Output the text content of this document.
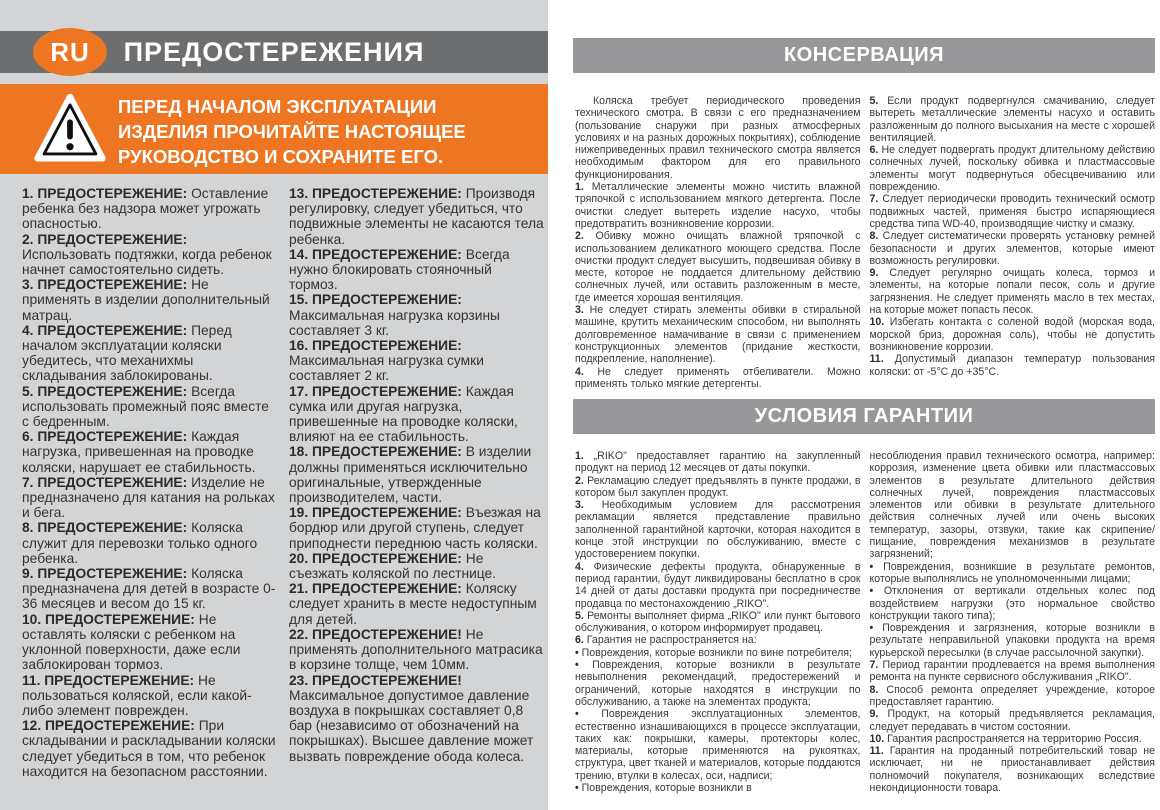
ПРЕДОСТЕРЕЖЕНИЯ
RU
ПЕРЕД НАЧАЛОМ ЭКСПЛУАТАЦИИ ИЗДЕЛИЯ ПРОЧИТАЙТЕ НАСТОЯЩЕЕ РУКОВОДСТВО И СОХРАНИТЕ ЕГО.

1. ПРЕДОСТЕРЕЖЕНИЕ: Оставление ребенка без надзора может угрожать опасностью.

2. ПРЕДОСТЕРЕЖЕНИЕ: Использовать подтяжки, когда ребенок начнет самостоятельно сидеть.

3. ПРЕДОСТЕРЕЖЕНИЕ: Не применять в изделии дополнительный матрац.

4. ПРЕДОСТЕРЕЖЕНИЕ: Перед началом эксплуатации коляски убедитесь, что механихмы складывания заблокированы.

5. ПРЕДОСТЕРЕЖЕНИЕ: Всегда использовать промежный пояс вместе с бедренным.

6. ПРЕДОСТЕРЕЖЕНИЕ: Каждая нагрузка, привешенная на проводке коляски, нарушает ее стабильность.

7. ПРЕДОСТЕРЕЖЕНИЕ: Изделие не предназначено для катания на рольках и бега.

8. ПРЕДОСТЕРЕЖЕНИЕ: Коляска служит для перевозки только одного ребенка.

9. ПРЕДОСТЕРЕЖЕНИЕ: Коляска предназначена для детей в возрасте 0-36 месяцев и весом до 15 кг.

10. ПРЕДОСТЕРЕЖЕНИЕ: Не оставлять коляски с ребенком на уклонной поверхности, даже если заблокирован тормоз.

11. ПРЕДОСТЕРЕЖЕНИЕ: Не пользоваться коляской, если какой-либо элемент поврежден.

12. ПРЕДОСТЕРЕЖЕНИЕ: При складывании и раскладывании коляски следует убедиться в том, что ребенок находится на безопасном расстоянии.

13. ПРЕДОСТЕРЕЖЕНИЕ: Производя регулировку, следует убедиться, что подвижные элементы не касаются тела ребенка.

14. ПРЕДОСТЕРЕЖЕНИЕ: Всегда нужно блокировать стояночный тормоз.

15. ПРЕДОСТЕРЕЖЕНИЕ: Максимальная нагрузка корзины составляет 3 кг.

16. ПРЕДОСТЕРЕЖЕНИЕ: Максимальная нагрузка сумки составляет 2 кг.

17. ПРЕДОСТЕРЕЖЕНИЕ: Каждая сумка или другая нагрузка, привешенные на проводке коляски, влияют на ее стабильность.

18. ПРЕДОСТЕРЕЖЕНИЕ: В изделии должны применяться исключительно оригинальные, утвержденные производителем, части.

19. ПРЕДОСТЕРЕЖЕНИЕ: Въезжая на бордюр или другой ступень, следует приподнести переднюю часть коляски.

20. ПРЕДОСТЕРЕЖЕНИЕ: Не съезжать коляской по лестнице.

21. ПРЕДОСТЕРЕЖЕНИЕ: Коляску следует хранить в месте недоступным для детей.

22. ПРЕДОСТЕРЕЖЕНИЕ! Не применять дополнительного матрасика в корзине толще, чем 10мм.

23. ПРЕДОСТЕРЕЖЕНИЕ! Максимальное допустимое давление воздуха в покрышках составляет 0,8 бар (независимо от обозначений на покрышках). Высшее давление может вызвать повреждение обода колеса.

КОНСЕРВАЦИЯ

Коляска требует периодического проведения технического смотра. В связи с его предназначением (пользование снаружи при разных атмосферных условиях и на разных дорожных покрытиях), соблюдение нижеприведенных правил технического смотра является необходимым фактором для его правильного функционирования.

1. Металлические элементы можно чистить влажной тряпочкой с использованием мягкого детергента. После очистки следует вытереть изделие насухо, чтобы предотвратить возникновение коррозии.

2. Обивку можно очищать влажной тряпочкой с использованием деликатного моющего средства. После очистки продукт следует высушить, подвешивая обивку в месте, которое не поддается длительному действию солнечных лучей, или оставить разложенным в месте, где имеется хорошая вентиляция.

3. Не следует стирать элементы обивки в стиральной машине, крутить механическим способом, ни выполнять долговременное намачивание в связи с применением конструкционных элементов (придание жесткости, подкрепление, наполнение).

4. Не следует применять отбеливатели. Можно применять только мягкие детергенты.

5. Если продукт подвергнулся смачиванию, следует вытереть металлические элементы насухо и оставить разложенным до полного высыхания на месте с хорошей вентиляцией.

6. Не следует подвергать продукт длительному действию солнечных лучей, поскольку обивка и пластмассовые элементы могут подвернуться обесцвечиванию или повреждению.

7. Следует периодически проводить технический осмотр подвижных частей, применяя быстро испаряющиеся средства типа WD-40, производящие чистку и смазку.

8. Следует систематически проверять установку ремней безопасности и других элементов, которые имеют возможность регулировки.

9. Следует регулярно очищать колеса, тормоз и элементы, на которые попали песок, соль и другие загрязнения. Не следует применять масло в тех местах, на которые может попасть песок.

10. Избегать контакта с соленой водой (морская вода, морской бриз, дорожная соль), чтобы не допустить возникновение коррозии.

11. Допустимый диапазон температур пользования коляски: от -5°C до +35°C.

УСЛОВИЯ ГАРАНТИИ

1. „RIKO" предоставляет гарантию на закупленный продукт на период 12 месяцев от даты покупки.

2. Рекламацию следует предъявлять в пункте продажи, в котором был закуплен продукт.

3. Необходимым условием для рассмотрения рекламации является представление правильно заполненной гарантийной карточки, которая находится в конце этой инструкции по обслуживанию, вместе с удостоверением покупки.

4. Физические дефекты продукта, обнаруженные в период гарантии, будут ликвидированы бесплатно в срок 14 дней от даты доставки продукта при посредничестве продавца по местонахождению „RIKO".

5. Ремонты выполняет фирма „RIKO" или пункт бытового обслуживания, о котором информирует продавец.

6. Гарантия не распространяется на:

• Повреждения, которые возникли по вине потребителя;

• Повреждения, которые возникли в результате невыполнения рекомендаций, предостережений и ограничений, которые находятся в инструкции по обслуживанию, а также на элементах продукта;

• Повреждения эксплуатационных элементов, естественно изнашивающихся в процессе эксплуатации, таких как: покрышки, камеры, протекторы колес, материалы, которые применяются на рукоятках, структура, цвет тканей и материалов, которые поддаются трению, втулки в колесах, оси, надписи;

• Повреждения, которые возникли в

несоблюдения правил технического осмотра, например: коррозия, изменение цвета обивки или пластмассовых элементов в результате длительного действия солнечных лучей, повреждения пластмассовых элементов или обивки в результате длительного действия солнечных лучей или очень высоких температур, зазоры, отзвуки, такие как скрипение/ пищание, повреждения механизмов в результате загрязнений;

• Повреждения, возникшие в результате ремонтов, которые выполнялись не уполномоченными лицами;

• Отклонения от вертикали отдельных колес под воздействием нагрузки (это нормальное свойство конструкции такого типа);

• Повреждения и загрязнения, которые возникли в результате неправильной упаковки продукта на время курьерской пересылки (в случае рассылочной закупки).

7. Период гарантии продлевается на время выполнения ремонта на пункте сервисного обслуживания „RIKO".

8. Способ ремонта определяет учреждение, которое предоставляет гарантию.

9. Продукт, на который предъявляется рекламация, следует передавать в чистом состоянии.

10. Гарантия распространяется на территорию Россия.

11. Гарантия на проданный потребительский товар не исключает, ни не приостанавливает действия полномочий покупателя, возникающих вследствие некондиционности товара.
